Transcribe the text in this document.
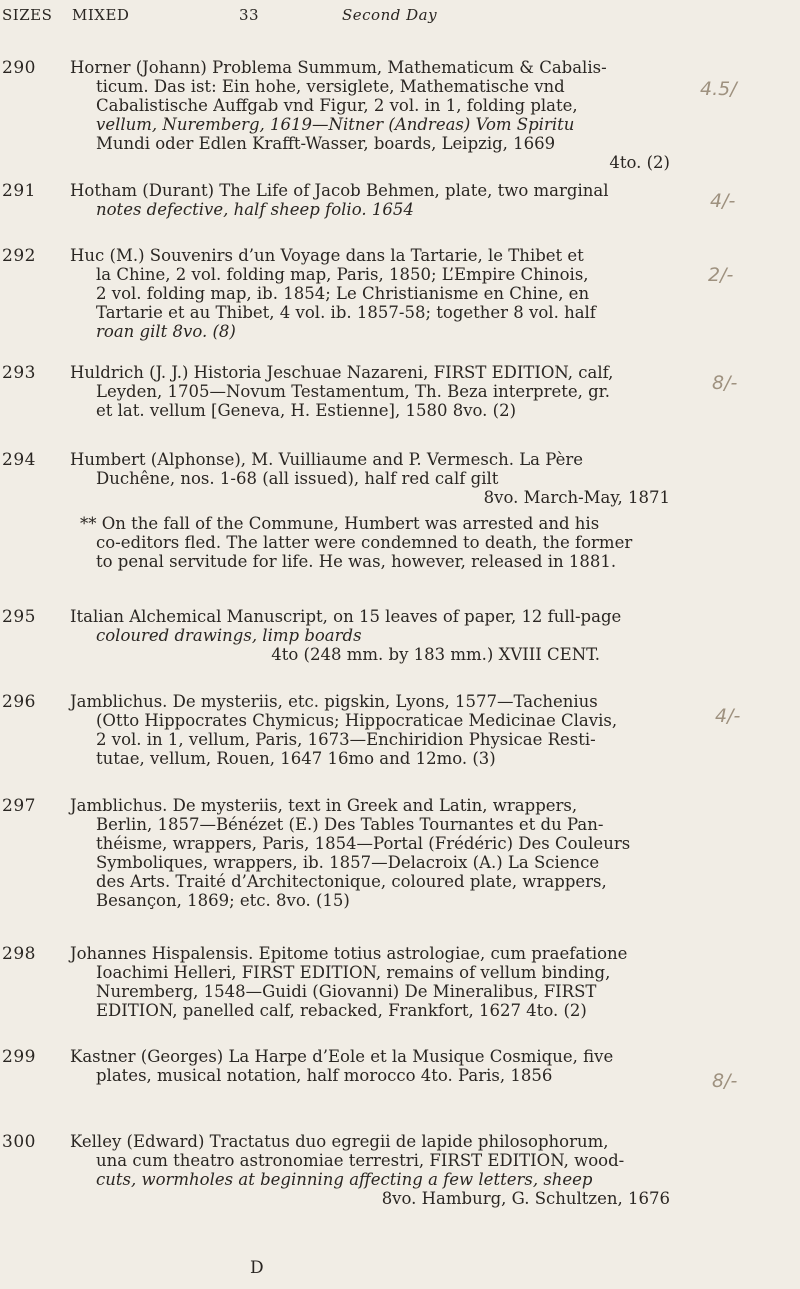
SIZES MIXED	33	Second Day
290 Horner (Johann) Problema Summum, Mathematicum & Cabalis-

ticum. Das ist: Ein hohe, versiglete, Mathematische vnd

Cabalistische Auffgab vnd Figur, 2 vol. in 1, folding plate,

vellum, Nuremberg, 1619—Nitner (Andreas) Vom Spiritu

Mundi oder Edlen Krafft-Wasser, boards, Leipzig, 1669

4to. (2)

291 Hotham (Durant) The Life of Jacob Behmen, plate, two marginal

notes defective, half sheep folio. 1654

292 Huc (M.) Souvenirs d’un Voyage dans la Tartarie, le Thibet et

la Chine, 2 vol. folding map, Paris, 1850; L’Empire Chinois,

2 vol. folding map, ib. 1854; Le Christianisme en Chine, en

Tartarie et au Thibet, 4 vol. ib. 1857-58; together 8 vol. half

roan gilt 8vo. (8)

293 Huldrich (J. J.) Historia Jeschuae Nazareni, FIRST EDITION, calf,

Leyden, 1705—Novum Testamentum, Th. Beza interprete, gr.

et lat. vellum [Geneva, H. Estienne], 1580 8vo. (2)

294 Humbert (Alphonse), M. Vuilliaume and P. Vermesch. La Père

Duchêne, nos. 1-68 (all issued), half red calf gilt

8vo. March-May, 1871

** On the fall of the Commune, Humbert was arrested and his

co-editors fled. The latter were condemned to death, the former

to penal servitude for life. He was, however, released in 1881.

295 Italian Alchemical Manuscript, on 15 leaves of paper, 12 full-page

coloured drawings, limp boards

4to (248 mm. by 183 mm.) XVIII CENT.

296 Jamblichus. De mysteriis, etc. pigskin, Lyons, 1577—Tachenius

(Otto Hippocrates Chymicus; Hippocraticae Medicinae Clavis,

2 vol. in 1, vellum, Paris, 1673—Enchiridion Physicae Resti-

tutae, vellum, Rouen, 1647 16mo and 12mo. (3)

297 Jamblichus. De mysteriis, text in Greek and Latin, wrappers,

Berlin, 1857—Bénézet (E.) Des Tables Tournantes et du Pan-

théisme, wrappers, Paris, 1854—Portal (Frédéric) Des Couleurs

Symboliques, wrappers, ib. 1857—Delacroix (A.) La Science

des Arts. Traité d’Architectonique, coloured plate, wrappers,

Besançon, 1869; etc. 8vo. (15)

298 Johannes Hispalensis. Epitome totius astrologiae, cum praefatione

Ioachimi Helleri, FIRST EDITION, remains of vellum binding,

Nuremberg, 1548—Guidi (Giovanni) De Mineralibus, FIRST

EDITION, panelled calf, rebacked, Frankfort, 1627 4to. (2)

299 Kastner (Georges) La Harpe d’Eole et la Musique Cosmique, five

plates, musical notation, half morocco 4to. Paris, 1856

300 Kelley (Edward) Tractatus duo egregii de lapide philosophorum,

una cum theatro astronomiae terrestri, FIRST EDITION, wood-

cuts, wormholes at beginning affecting a few letters, sheep

8vo. Hamburg, G. Schultzen, 1676

D
4.5/
4/-
2/-
8/-
4/-
8/-
